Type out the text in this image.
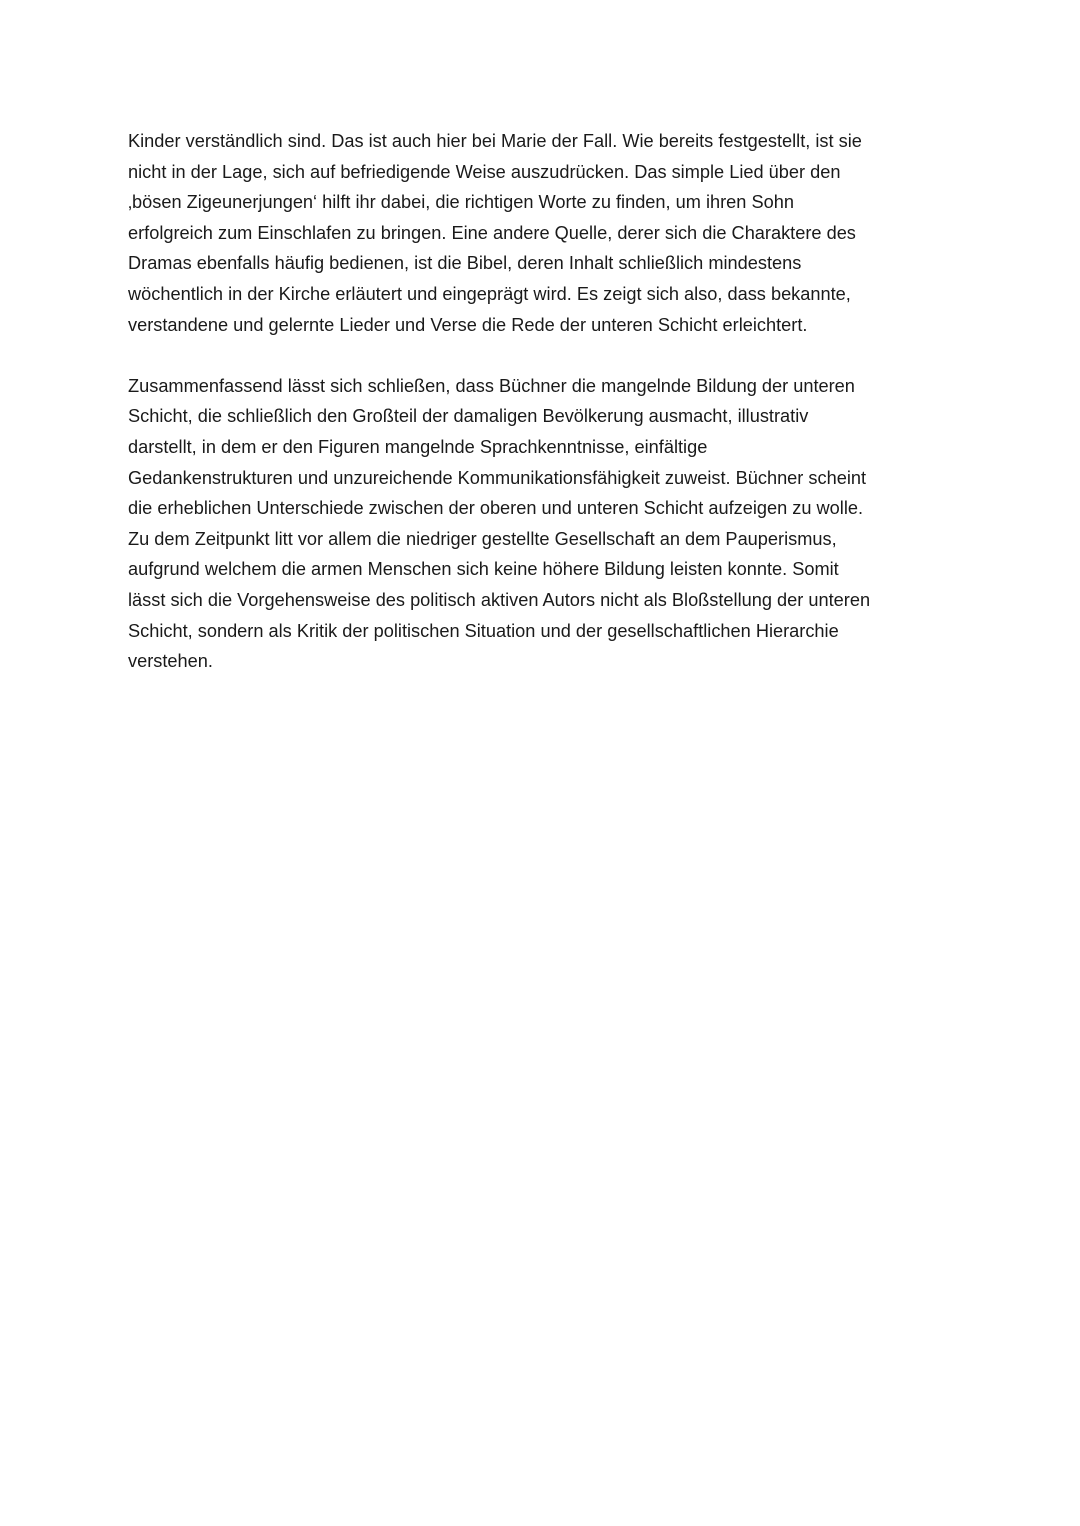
Kinder verständlich sind. Das ist auch hier bei Marie der Fall. Wie bereits festgestellt, ist sie

nicht in der Lage, sich auf befriedigende Weise auszudrücken. Das simple Lied über den

‚bösen Zigeunerjungen‘ hilft ihr dabei, die richtigen Worte zu finden, um ihren Sohn

erfolgreich zum Einschlafen zu bringen. Eine andere Quelle, derer sich die Charaktere des

Dramas ebenfalls häufig bedienen, ist die Bibel, deren Inhalt schließlich mindestens

wöchentlich in der Kirche erläutert und eingeprägt wird. Es zeigt sich also, dass bekannte,

verstandene und gelernte Lieder und Verse die Rede der unteren Schicht erleichtert.

Zusammenfassend lässt sich schließen, dass Büchner die mangelnde Bildung der unteren

Schicht, die schließlich den Großteil der damaligen Bevölkerung ausmacht, illustrativ

darstellt, in dem er den Figuren mangelnde Sprachkenntnisse, einfältige

Gedankenstrukturen und unzureichende Kommunikationsfähigkeit zuweist. Büchner scheint

die erheblichen Unterschiede zwischen der oberen und unteren Schicht aufzeigen zu wolle.

Zu dem Zeitpunkt litt vor allem die niedriger gestellte Gesellschaft an dem Pauperismus,

aufgrund welchem die armen Menschen sich keine höhere Bildung leisten konnte. Somit

lässt sich die Vorgehensweise des politisch aktiven Autors nicht als Bloßstellung der unteren

Schicht, sondern als Kritik der politischen Situation und der gesellschaftlichen Hierarchie

verstehen.
